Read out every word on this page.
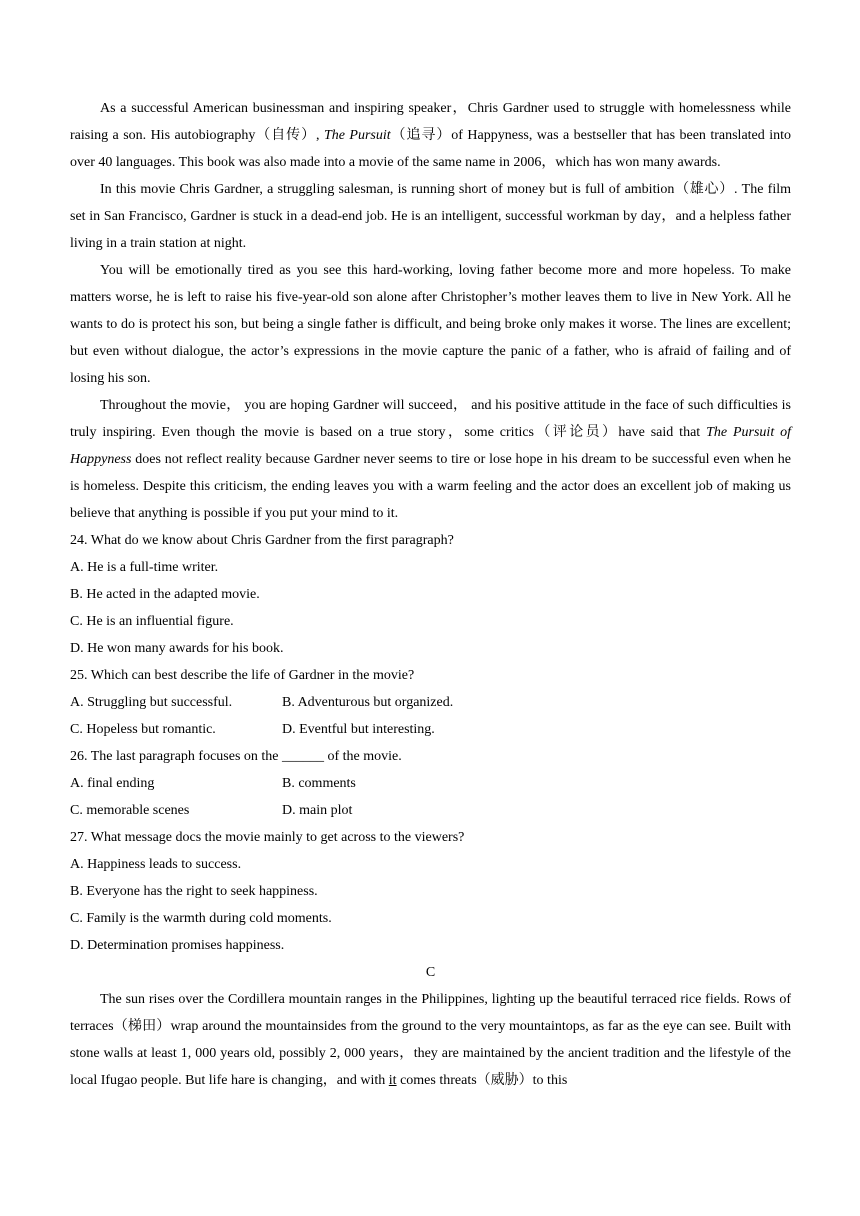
As a successful American businessman and inspiring speaker，Chris Gardner used to struggle with homelessness while raising a son. His autobiography（自传）, The Pursuit（追寻）of Happyness, was a bestseller that has been translated into over 40 languages. This book was also made into a movie of the same name in 2006，which has won many awards.

In this movie Chris Gardner, a struggling salesman, is running short of money but is full of ambition（雄心）. The film set in San Francisco, Gardner is stuck in a dead-end job. He is an intelligent, successful workman by day，and a helpless father living in a train station at night.

You will be emotionally tired as you see this hard-working, loving father become more and more hopeless. To make matters worse, he is left to raise his five-year-old son alone after Christopher’s mother leaves them to live in New York. All he wants to do is protect his son, but being a single father is difficult, and being broke only makes it worse. The lines are excellent; but even without dialogue, the actor’s expressions in the movie capture the panic of a father, who is afraid of failing and of losing his son.

Throughout the movie， you are hoping Gardner will succeed， and his positive attitude in the face of such difficulties is truly inspiring. Even though the movie is based on a true story，some critics（评论员）have said that The Pursuit of Happyness does not reflect reality because Gardner never seems to tire or lose hope in his dream to be successful even when he is homeless. Despite this criticism, the ending leaves you with a warm feeling and the actor does an excellent job of making us believe that anything is possible if you put your mind to it.

24. What do we know about Chris Gardner from the first paragraph?

A. He is a full-time writer.

B. He acted in the adapted movie.

C. He is an influential figure.

D. He won many awards for his book.

25. Which can best describe the life of Gardner in the movie?

A. Struggling but successful.	B. Adventurous but organized.
C. Hopeless but romantic.	D. Eventful but interesting.

26. The last paragraph focuses on the ______ of the movie.

A. final ending	B. comments
C. memorable scenes	D. main plot

27. What message docs the movie mainly to get across to the viewers?

A. Happiness leads to success.

B. Everyone has the right to seek happiness.

C. Family is the warmth during cold moments.

D. Determination promises happiness.

C

The sun rises over the Cordillera mountain ranges in the Philippines, lighting up the beautiful terraced rice fields. Rows of terraces（梯田）wrap around the mountainsides from the ground to the very mountaintops, as far as the eye can see. Built with stone walls at least 1, 000 years old, possibly 2, 000 years，they are maintained by the ancient tradition and the lifestyle of the local Ifugao people. But life hare is changing，and with it comes threats（威胁）to this
